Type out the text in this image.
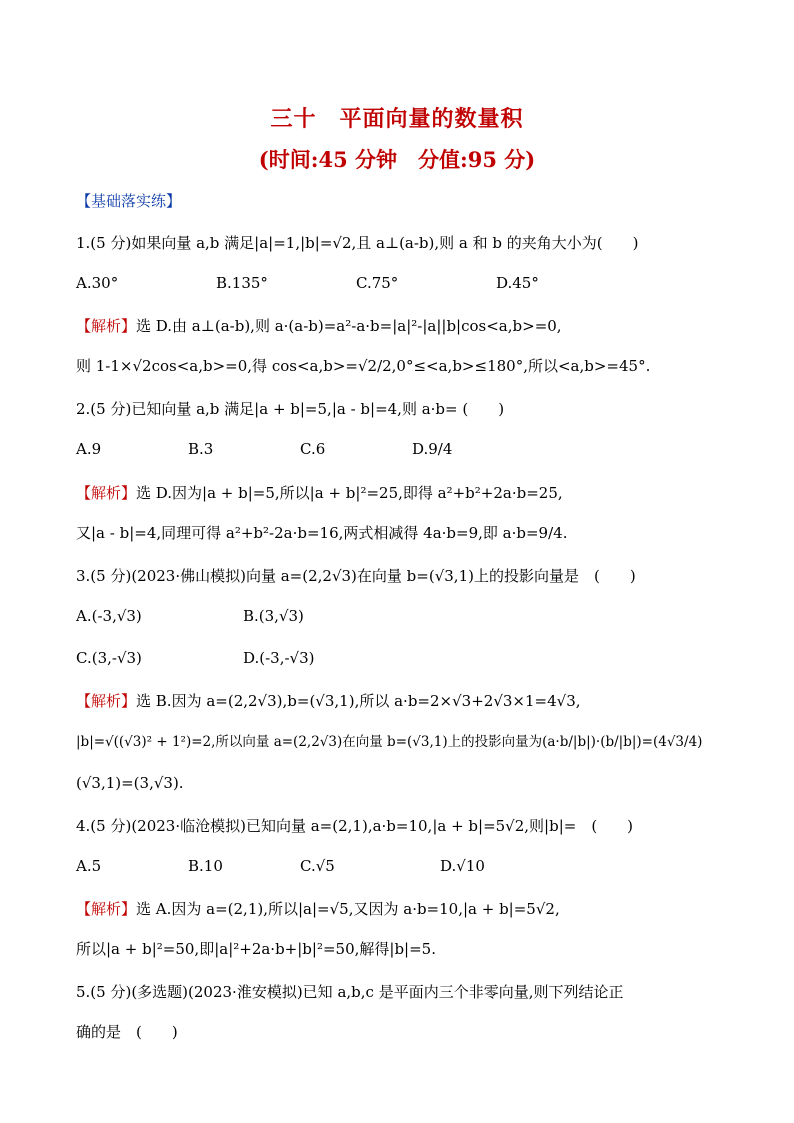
三十　平面向量的数量积
(时间:45 分钟　分值:95 分)
【基础落实练】
1.(5 分)如果向量 a,b 满足|a|=1,|b|=√2,且 a⊥(a-b),则 a 和 b 的夹角大小为(　　)
A.30°	B.135°	C.75°	D.45°
【解析】选 D.由 a⊥(a-b),则 a·(a-b)=a²-a·b=|a|²-|a||b|cos<a,b>=0,
则 1-1×√2cos<a,b>=0,得 cos<a,b>=√2/2,0°≤<a,b>≤180°,所以<a,b>=45°.
2.(5 分)已知向量 a,b 满足|a + b|=5,|a - b|=4,则 a·b= (　　)
A.9	B.3	C.6	D.9/4
【解析】选 D.因为|a + b|=5,所以|a + b|²=25,即得 a²+b²+2a·b=25,
又|a - b|=4,同理可得 a²+b²-2a·b=16,两式相减得 4a·b=9,即 a·b=9/4.
3.(5 分)(2023·佛山模拟)向量 a=(2,2√3)在向量 b=(√3,1)上的投影向量是　(　　)
A.(-3,√3)	B.(3,√3)
C.(3,-√3)	D.(-3,-√3)
【解析】选 B.因为 a=(2,2√3),b=(√3,1),所以 a·b=2×√3+2√3×1=4√3,
|b|=√((√3)² + 1²)=2,所以向量 a=(2,2√3)在向量 b=(√3,1)上的投影向量为(a·b/|b|)·(b/|b|)=(4√3/4)
(√3,1)=(3,√3).
4.(5 分)(2023·临沧模拟)已知向量 a=(2,1),a·b=10,|a + b|=5√2,则|b|=　(　　)
A.5	B.10	C.√5	D.√10
【解析】选 A.因为 a=(2,1),所以|a|=√5,又因为 a·b=10,|a + b|=5√2,
所以|a + b|²=50,即|a|²+2a·b+|b|²=50,解得|b|=5.
5.(5 分)(多选题)(2023·淮安模拟)已知 a,b,c 是平面内三个非零向量,则下列结论正
确的是　(　　)
